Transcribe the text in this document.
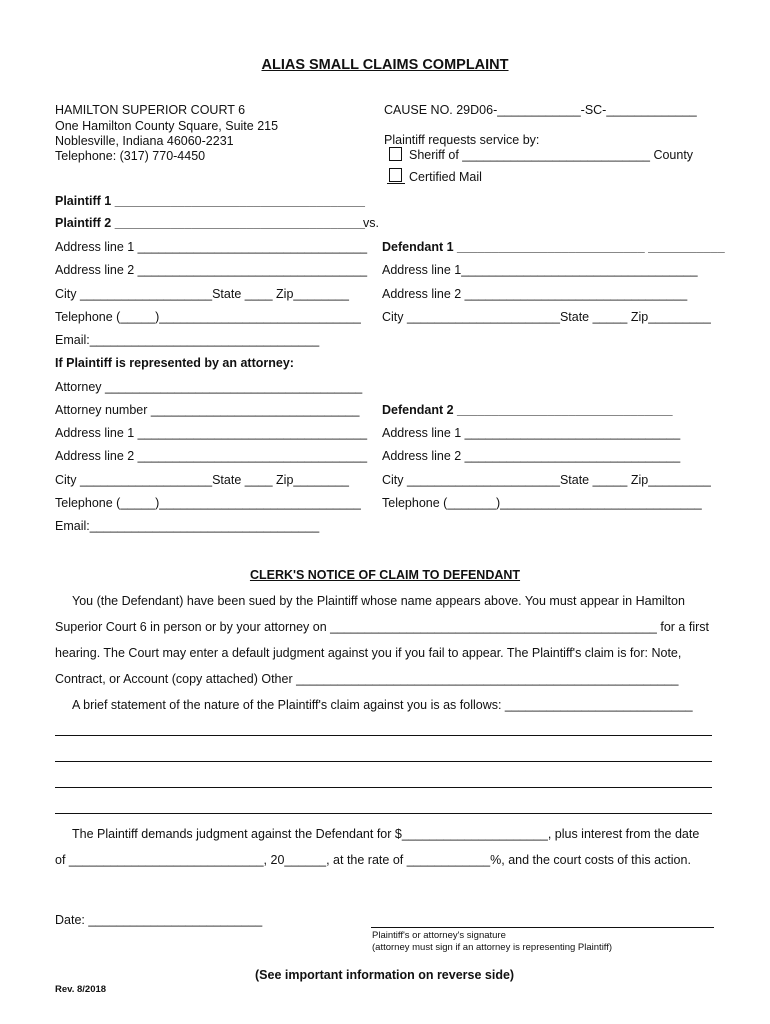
ALIAS SMALL CLAIMS COMPLAINT
HAMILTON SUPERIOR COURT 6
One Hamilton County Square, Suite 215
Noblesville, Indiana 46060-2231
Telephone: (317) 770-4450
CAUSE NO. 29D06-____________-SC-_____________
Plaintiff requests service by:
Sheriff of ___________________________ County
Certified Mail
Plaintiff 1 ____________________________________
Plaintiff 2 ____________________________________
vs.
Address line 1 _________________________________
Address line 2 _________________________________
City ___________________State ____ Zip________
Telephone (_____)_____________________________
Email:_________________________________
If Plaintiff is represented by an attorney:
Attorney _____________________________________
Attorney number ______________________________
Address line 1 _________________________________
Address line 2 _________________________________
City ___________________State ____ Zip________
Telephone (_____)_____________________________
Email:_________________________________
Defendant 1 ___________________________ ___________
Address line 1__________________________________
Address line 2 ________________________________
City ______________________State _____ Zip_________
Defendant 2 _______________________________
Address line 1 _______________________________
Address line 2 _______________________________
City ______________________State _____ Zip_________
Telephone (_______)_____________________________
CLERK'S NOTICE OF CLAIM TO DEFENDANT
You (the Defendant) have been sued by the Plaintiff whose name appears above. You must appear in Hamilton
Superior Court 6 in person or by your attorney on _______________________________________________ for a first
hearing. The Court may enter a default judgment against you if you fail to appear. The Plaintiff's claim is for: Note,
Contract, or Account (copy attached) Other _______________________________________________________
A brief statement of the nature of the Plaintiff's claim against you is as follows: ___________________________
The Plaintiff demands judgment against the Defendant for $_____________________, plus interest from the date
of ____________________________, 20______, at the rate of ____________%, and the court costs of this action.
Date: _________________________
Plaintiff's or attorney's signature
(attorney must sign if an attorney is representing Plaintiff)
(See important information on reverse side)
Rev. 8/2018
